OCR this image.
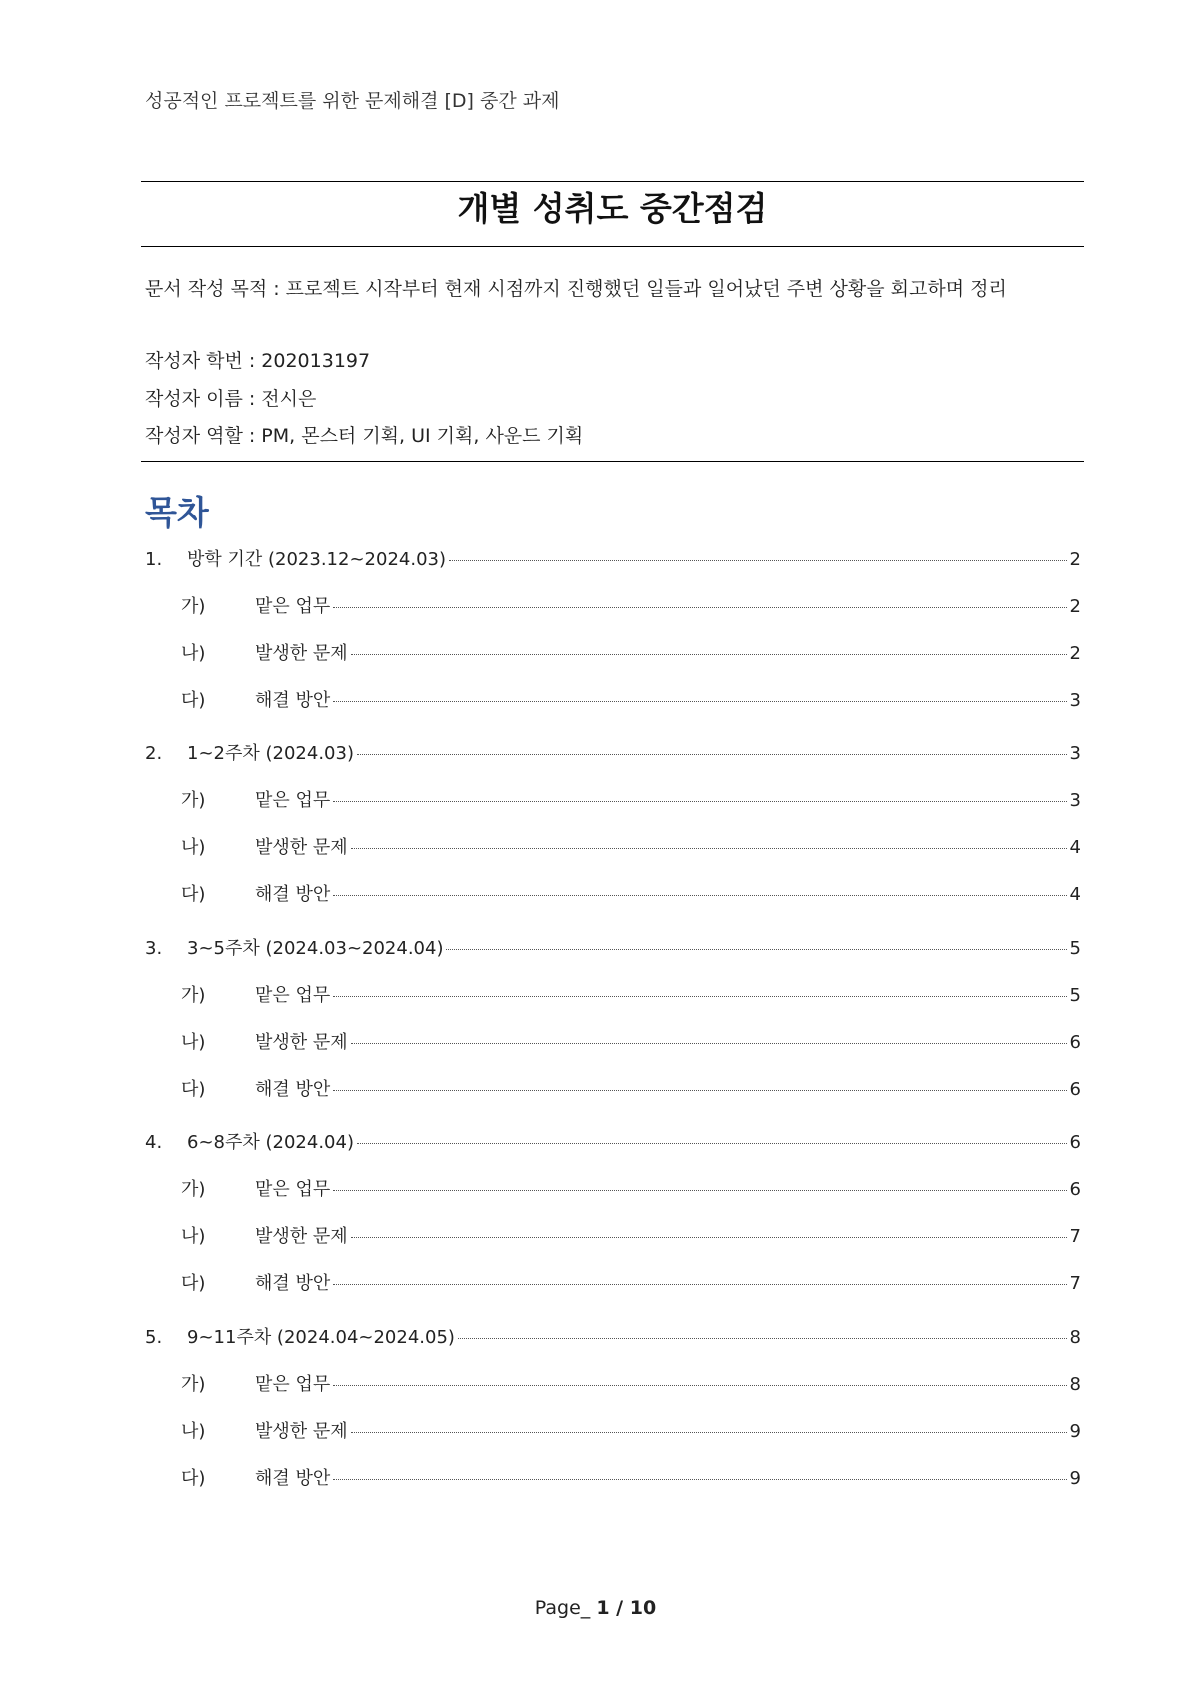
성공적인 프로젝트를 위한 문제해결 [D] 중간 과제
개별 성취도 중간점검
문서 작성 목적 : 프로젝트 시작부터 현재 시점까지 진행했던 일들과 일어났던 주변 상황을 회고하며 정리
작성자 학번 : 202013197
작성자 이름 : 전시은
작성자 역할 : PM, 몬스터 기획, UI 기획, 사운드 기획
목차
1.	방학 기간 (2023.12~2024.03)	2
가)	맡은 업무	2
나)	발생한 문제	2
다)	해결 방안	3
2.	1~2주차 (2024.03)	3
가)	맡은 업무	3
나)	발생한 문제	4
다)	해결 방안	4
3.	3~5주차 (2024.03~2024.04)	5
가)	맡은 업무	5
나)	발생한 문제	6
다)	해결 방안	6
4.	6~8주차 (2024.04)	6
가)	맡은 업무	6
나)	발생한 문제	7
다)	해결 방안	7
5.	9~11주차 (2024.04~2024.05)	8
가)	맡은 업무	8
나)	발생한 문제	9
다)	해결 방안	9
Page_ 1 / 10
